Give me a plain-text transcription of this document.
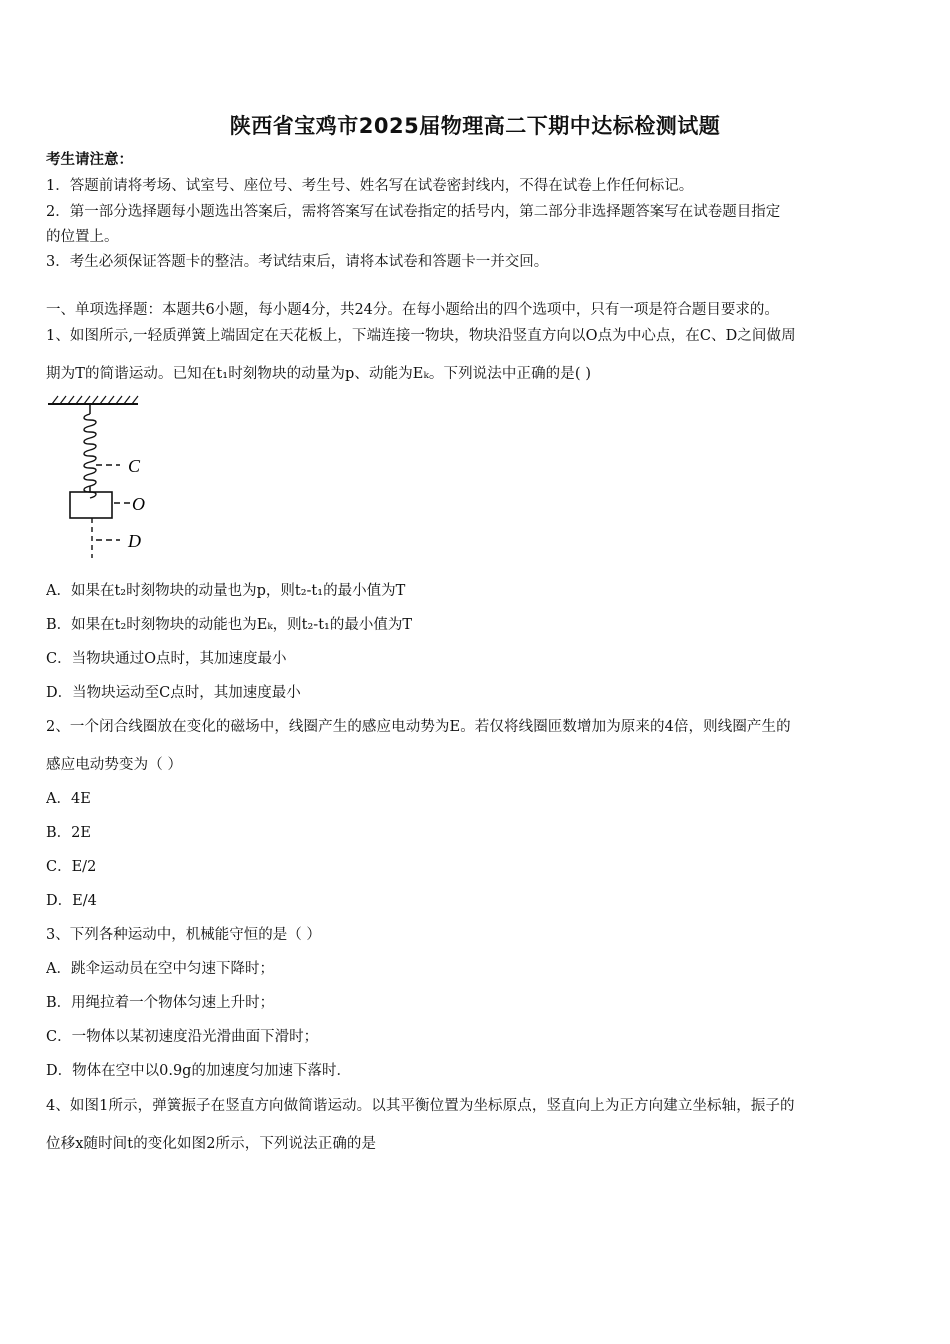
陕西省宝鸡市2025届物理高二下期中达标检测试题
考生请注意：
1．答题前请将考场、试室号、座位号、考生号、姓名写在试卷密封线内，不得在试卷上作任何标记。
2．第一部分选择题每小题选出答案后，需将答案写在试卷指定的括号内，第二部分非选择题答案写在试卷题目指定
的位置上。
3．考生必须保证答题卡的整洁。考试结束后，请将本试卷和答题卡一并交回。
一、单项选择题：本题共6小题，每小题4分，共24分。在每小题给出的四个选项中，只有一项是符合题目要求的。
1、如图所示,一轻质弹簧上端固定在天花板上，下端连接一物块，物块沿竖直方向以O点为中心点，在C、D之间做周
期为T的简谐运动。已知在t₁时刻物块的动量为p、动能为Eₖ。下列说法中正确的是( )
C
O
D
A．如果在t₂时刻物块的动量也为p，则t₂-t₁的最小值为T
B．如果在t₂时刻物块的动能也为Eₖ，则t₂-t₁的最小值为T
C．当物块通过O点时，其加速度最小
D．当物块运动至C点时，其加速度最小
2、一个闭合线圈放在变化的磁场中，线圈产生的感应电动势为E。若仅将线圈匝数增加为原来的4倍，则线圈产生的
感应电动势变为（ ）
A．4E
B．2E
C．E/2
D．E/4
3、下列各种运动中，机械能守恒的是（ ）
A．跳伞运动员在空中匀速下降时；
B．用绳拉着一个物体匀速上升时；
C．一物体以某初速度沿光滑曲面下滑时；
D．物体在空中以0.9g的加速度匀加速下落时．
4、如图1所示，弹簧振子在竖直方向做简谐运动。以其平衡位置为坐标原点，竖直向上为正方向建立坐标轴，振子的
位移x随时间t的变化如图2所示，下列说法正确的是
